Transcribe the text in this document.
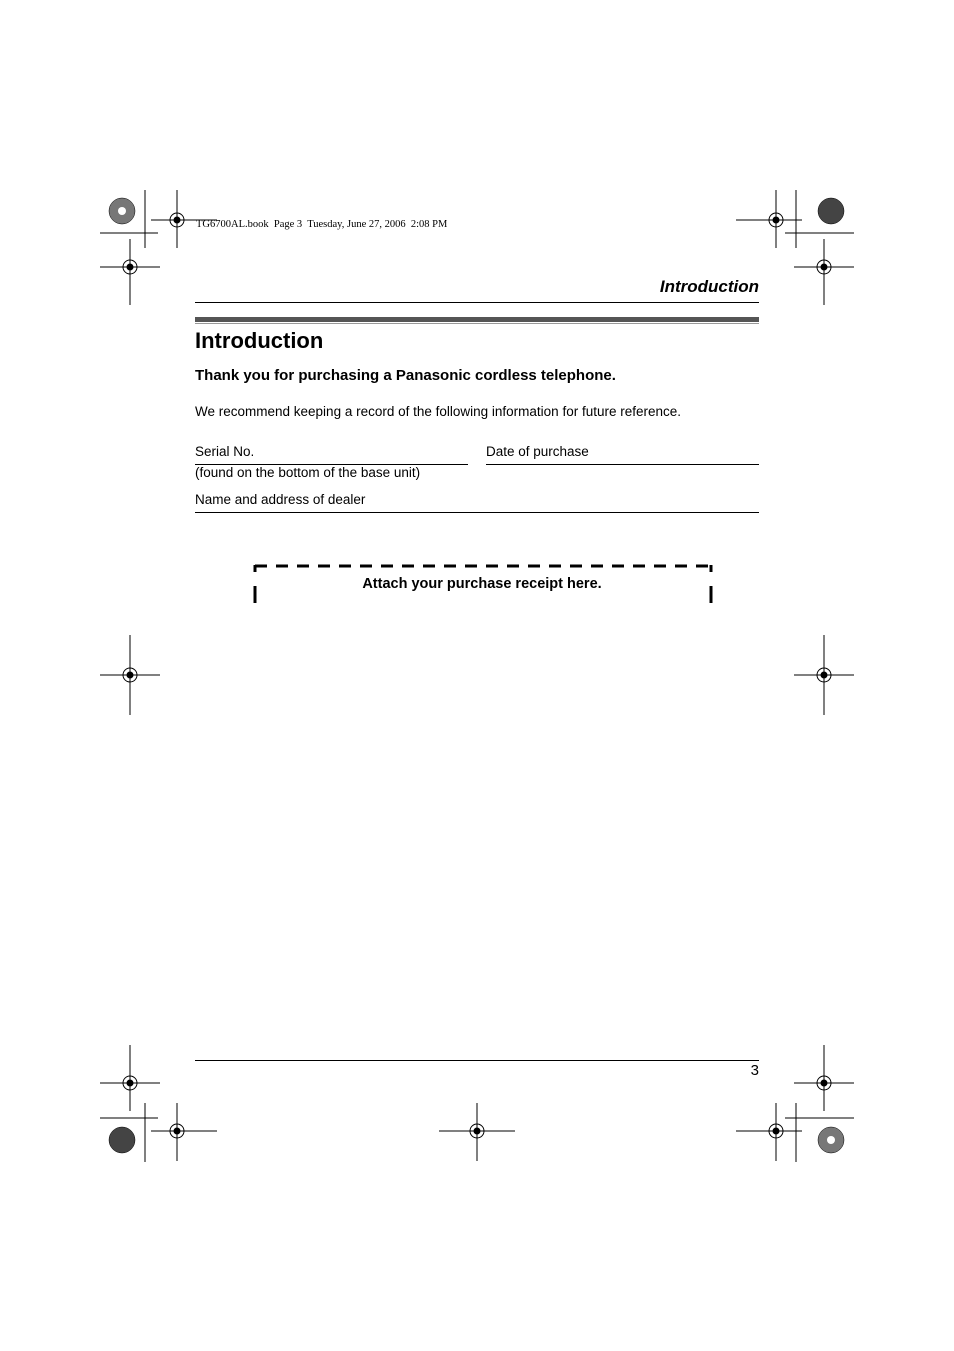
TG6700AL.book  Page 3  Tuesday, June 27, 2006  2:08 PM
Introduction
Introduction
Thank you for purchasing a Panasonic cordless telephone.
We recommend keeping a record of the following information for future reference.
Serial No.	Date of purchase
(found on the bottom of the base unit)
Name and address of dealer
Attach your purchase receipt here.
3
